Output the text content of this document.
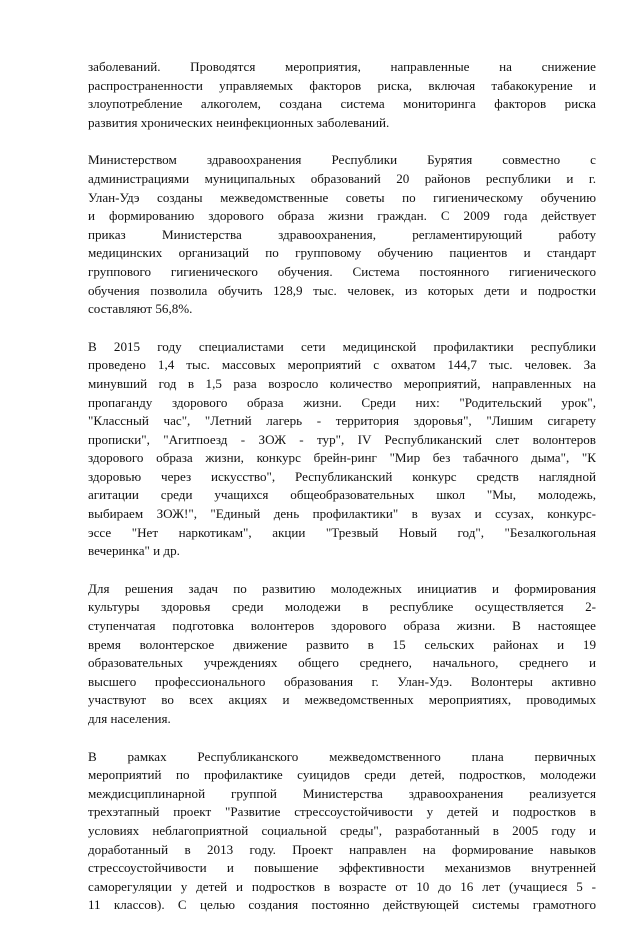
заболеваний. Проводятся мероприятия, направленные на снижение
распространенности управляемых факторов риска, включая табакокурение и
злоупотребление алкоголем, создана система мониторинга факторов риска
развития хронических неинфекционных заболеваний.

Министерством здравоохранения Республики Бурятия совместно с
администрациями муниципальных образований 20 районов республики и г.
Улан-Удэ созданы межведомственные советы по гигиеническому обучению
и формированию здорового образа жизни граждан. С 2009 года действует
приказ Министерства здравоохранения, регламентирующий работу
медицинских организаций по групповому обучению пациентов и стандарт
группового гигиенического обучения. Система постоянного гигиенического
обучения позволила обучить 128,9 тыс. человек, из которых дети и подростки
составляют 56,8%.

В 2015 году специалистами сети медицинской профилактики республики
проведено 1,4 тыс. массовых мероприятий с охватом 144,7 тыс. человек. За
минувший год в 1,5 раза возросло количество мероприятий, направленных на
пропаганду здорового образа жизни. Среди них: "Родительский урок",
"Классный час", "Летний лагерь - территория здоровья", "Лишим сигарету
прописки", "Агитпоезд - ЗОЖ - тур", IV Республиканский слет волонтеров
здорового образа жизни, конкурс брейн-ринг "Мир без табачного дыма", "К
здоровью через искусство", Республиканский конкурс средств наглядной
агитации среди учащихся общеобразовательных школ "Мы, молодежь,
выбираем ЗОЖ!", "Единый день профилактики" в вузах и ссузах, конкурс-
эссе "Нет наркотикам", акции "Трезвый Новый год", "Безалкогольная
вечеринка" и др.

Для решения задач по развитию молодежных инициатив и формирования
культуры здоровья среди молодежи в республике осуществляется 2-
ступенчатая подготовка волонтеров здорового образа жизни. В настоящее
время волонтерское движение развито в 15 сельских районах и 19
образовательных учреждениях общего среднего, начального, среднего и
высшего профессионального образования г. Улан-Удэ. Волонтеры активно
участвуют во всех акциях и межведомственных мероприятиях, проводимых
для населения.

В рамках Республиканского межведомственного плана первичных
мероприятий по профилактике суицидов среди детей, подростков, молодежи
междисциплинарной группой Министерства здравоохранения реализуется
трехэтапный проект "Развитие стрессоустойчивости у детей и подростков в
условиях неблагоприятной социальной среды", разработанный в 2005 году и
доработанный в 2013 году. Проект направлен на формирование навыков
стрессоустойчивости и повышение эффективности механизмов внутренней
саморегуляции у детей и подростков в возрасте от 10 до 16 лет (учащиеся 5 -
11 классов). С целью создания постоянно действующей системы грамотного
